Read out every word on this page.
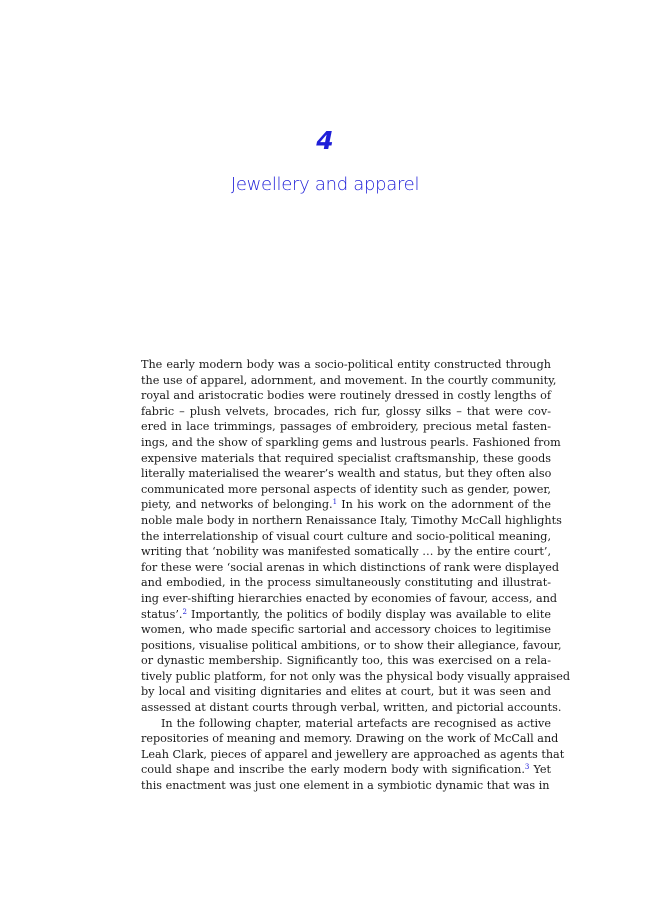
4
Jewellery and apparel
The early modern body was a socio-political entity constructed through
the use of apparel, adornment, and movement. In the courtly community,
royal and aristocratic bodies were routinely dressed in costly lengths of
fabric – plush velvets, brocades, rich fur, glossy silks – that were cov-
ered in lace trimmings, passages of embroidery, precious metal fasten-
ings, and the show of sparkling gems and lustrous pearls. Fashioned from
expensive materials that required specialist craftsmanship, these goods
literally materialised the wearer’s wealth and status, but they often also
communicated more personal aspects of identity such as gender, power,
piety, and networks of belonging.$^1$ In his work on the adornment of the
noble male body in northern Renaissance Italy, Timothy McCall highlights
the interrelationship of visual court culture and socio-political meaning,
writing that ‘nobility was manifested somatically … by the entire court’,
for these were ‘social arenas in which distinctions of rank were displayed
and embodied, in the process simultaneously constituting and illustrat-
ing ever-shifting hierarchies enacted by economies of favour, access, and
status’.$^2$ Importantly, the politics of bodily display was available to elite
women, who made specific sartorial and accessory choices to legitimise
positions, visualise political ambitions, or to show their allegiance, favour,
or dynastic membership. Significantly too, this was exercised on a rela-
tively public platform, for not only was the physical body visually appraised
by local and visiting dignitaries and elites at court, but it was seen and
assessed at distant courts through verbal, written, and pictorial accounts.
In the following chapter, material artefacts are recognised as active
repositories of meaning and memory. Drawing on the work of McCall and
Leah Clark, pieces of apparel and jewellery are approached as agents that
could shape and inscribe the early modern body with signification.$^3$ Yet
this enactment was just one element in a symbiotic dynamic that was in
